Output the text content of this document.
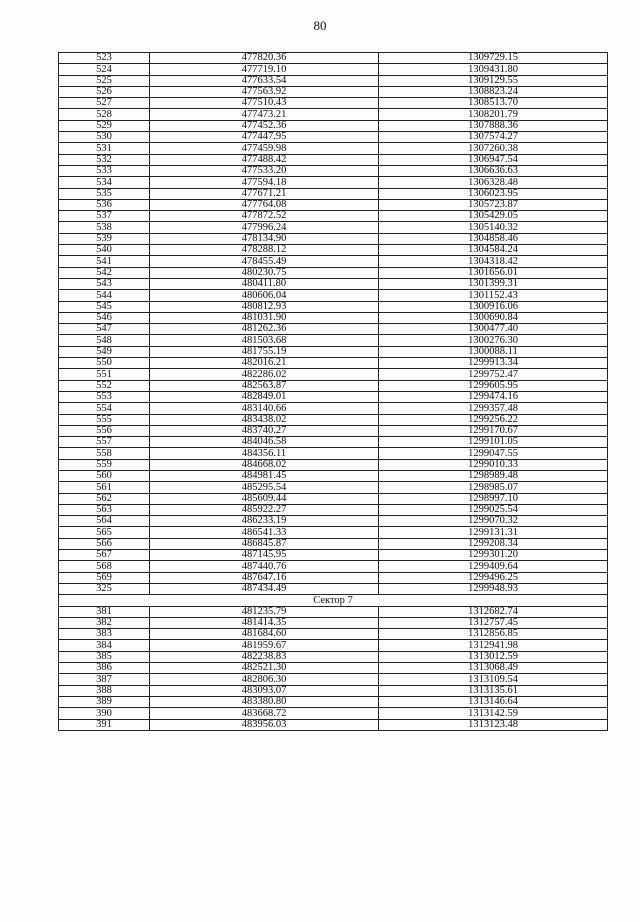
80
523	477820.36	1309729.15
524	477719.10	1309431.80
525	477633.54	1309129.55
526	477563.92	1308823.24
527	477510.43	1308513.70
528	477473.21	1308201.79
529	477452.36	1307888.36
530	477447.95	1307574.27
531	477459.98	1307260.38
532	477488.42	1306947.54
533	477533.20	1306636.63
534	477594.18	1306328.48
535	477671.21	1306023.95
536	477764.08	1305723.87
537	477872.52	1305429.05
538	477996.24	1305140.32
539	478134.90	1304858.46
540	478288.12	1304584.24
541	478455.49	1304318.42
542	480230.75	1301656.01
543	480411.80	1301399.31
544	480606.04	1301152.43
545	480812.93	1300916.06
546	481031.90	1300690.84
547	481262.36	1300477.40
548	481503.68	1300276.30
549	481755.19	1300088.11
550	482016.21	1299913.34
551	482286.02	1299752.47
552	482563.87	1299605.95
553	482849.01	1299474.16
554	483140.66	1299357.48
555	483438.02	1299256.22
556	483740.27	1299170.67
557	484046.58	1299101.05
558	484356.11	1299047.55
559	484668.02	1299010.33
560	484981.45	1298989.48
561	485295.54	1298985.07
562	485609.44	1298997.10
563	485922.27	1299025.54
564	486233.19	1299070.32
565	486541.33	1299131.31
566	486845.87	1299208.34
567	487145.95	1299301.20
568	487440.76	1299409.64
569	487647.16	1299496.25
325	487434.49	1299948.93
Сектор 7		
381	481235.79	1312682.74
382	481414.35	1312757.45
383	481684.60	1312856.85
384	481959.67	1312941.98
385	482238.83	1313012.59
386	482521.30	1313068.49
387	482806.30	1313109.54
388	483093.07	1313135.61
389	483380.80	1313146.64
390	483668.72	1313142.59
391	483956.03	1313123.48
